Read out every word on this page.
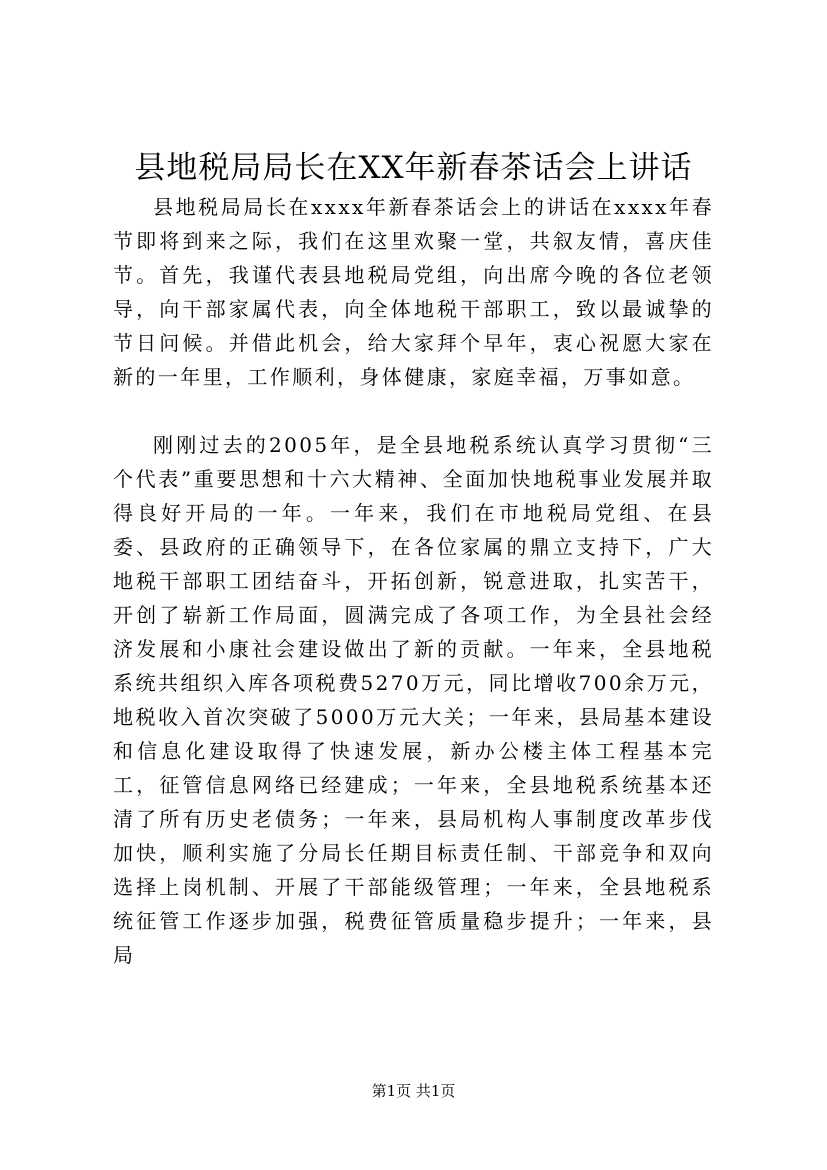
县地税局局长在XX年新春茶话会上讲话

县地税局局长在xxxx年新春茶话会上的讲话在xxxx年春节即将到来之际，我们在这里欢聚一堂，共叙友情，喜庆佳节。首先，我谨代表县地税局党组，向出席今晚的各位老领导，向干部家属代表，向全体地税干部职工，致以最诚挚的节日问候。并借此机会，给大家拜个早年，衷心祝愿大家在新的一年里，工作顺利，身体健康，家庭幸福，万事如意。

刚刚过去的2005年，是全县地税系统认真学习贯彻“三个代表”重要思想和十六大精神、全面加快地税事业发展并取得良好开局的一年。一年来，我们在市地税局党组、在县委、县政府的正确领导下，在各位家属的鼎立支持下，广大地税干部职工团结奋斗，开拓创新，锐意进取，扎实苦干，开创了崭新工作局面，圆满完成了各项工作，为全县社会经济发展和小康社会建设做出了新的贡献。一年来，全县地税系统共组织入库各项税费5270万元，同比增收700余万元，地税收入首次突破了5000万元大关；一年来，县局基本建设和信息化建设取得了快速发展，新办公楼主体工程基本完工，征管信息网络已经建成；一年来，全县地税系统基本还清了所有历史老债务；一年来，县局机构人事制度改革步伐加快，顺利实施了分局长任期目标责任制、干部竞争和双向选择上岗机制、开展了干部能级管理；一年来，全县地税系统征管工作逐步加强，税费征管质量稳步提升；一年来，县局

第1页 共1页
